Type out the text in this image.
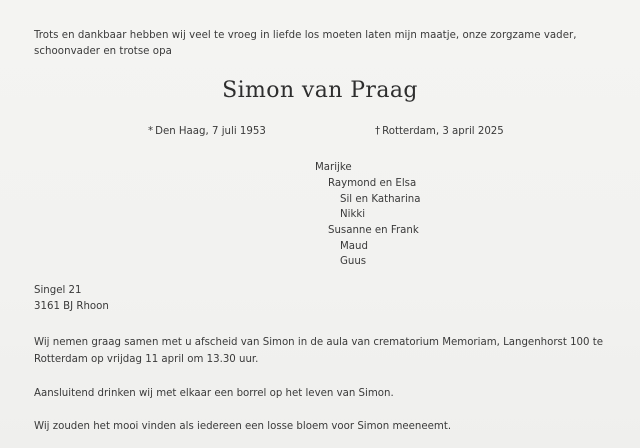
Trots en dankbaar hebben wij veel te vroeg in liefde los moeten laten mijn maatje, onze zorgzame vader, schoonvader en trotse opa
Simon van Praag
* Den Haag, 7 juli 1953	† Rotterdam, 3 april 2025
Marijke
Raymond en Elsa
Sil en Katharina
Nikki
Susanne en Frank
Maud
Guus
Singel 21
3161 BJ Rhoon
Wij nemen graag samen met u afscheid van Simon in de aula van crematorium Memoriam, Langenhorst 100 te Rotterdam op vrijdag 11 april om 13.30 uur.
Aansluitend drinken wij met elkaar een borrel op het leven van Simon.
Wij zouden het mooi vinden als iedereen een losse bloem voor Simon meeneemt.
